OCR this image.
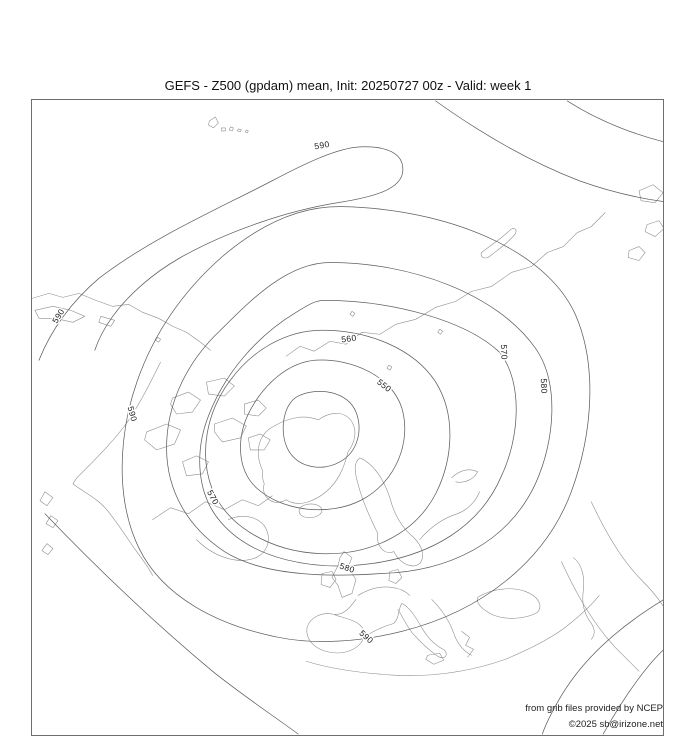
GEFS - Z500 (gpdam) mean, Init: 20250727 00z - Valid: week 1
590
590
590
570
560
550
570
580
580
590
from grib files provided by NCEP
©2025 sb@irizone.net
